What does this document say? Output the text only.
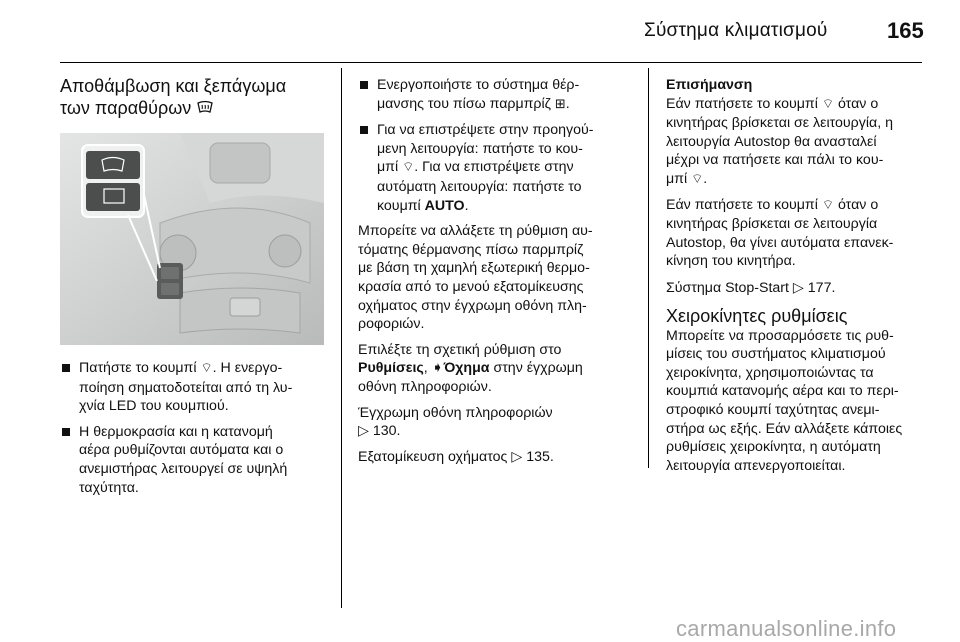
Σύστημα κλιματισμού	165
Αποθάμβωση και ξεπάγωμα
των παραθύρων
Πατήστε το κουμπί ⌔. Η ενεργο-
ποίηση σηματοδοτείται από τη λυ-
χνία LED του κουμπιού.
Η θερμοκρασία και η κατανομή
αέρα ρυθμίζονται αυτόματα και ο
ανεμιστήρας λειτουργεί σε υψηλή
ταχύτητα.
Ενεργοποιήστε το σύστημα θέρ-
μανσης του πίσω παρμπρίζ ⊞.
Για να επιστρέψετε στην προηγού-
μενη λειτουργία: πατήστε το κου-
μπί ⌔. Για να επιστρέψετε στην
αυτόματη λειτουργία: πατήστε το
κουμπί AUTO.

Μπορείτε να αλλάξετε τη ρύθμιση αυ-
τόματης θέρμανσης πίσω παρμπρίζ
με βάση τη χαμηλή εξωτερική θερμο-
κρασία από το μενού εξατομίκευσης
οχήματος στην έγχρωμη οθόνη πλη-
ροφοριών.

Επιλέξτε τη σχετική ρύθμιση στο
Ρυθμίσεις, ➧Όχημα στην έγχρωμη
οθόνη πληροφοριών.

Έγχρωμη οθόνη πληροφοριών
▷ 130.

Εξατομίκευση οχήματος ▷ 135.

Επισήμανση

Εάν πατήσετε το κουμπί ⌔ όταν ο
κινητήρας βρίσκεται σε λειτουργία, η
λειτουργία Autostop θα ανασταλεί
μέχρι να πατήσετε και πάλι το κου-
μπί ⌔.

Εάν πατήσετε το κουμπί ⌔ όταν ο
κινητήρας βρίσκεται σε λειτουργία
Autostop, θα γίνει αυτόματα επανεκ-
κίνηση του κινητήρα.

Σύστημα Stop-Start ▷ 177.

Χειροκίνητες ρυθμίσεις

Μπορείτε να προσαρμόσετε τις ρυθ-
μίσεις του συστήματος κλιματισμού
χειροκίνητα, χρησιμοποιώντας τα
κουμπιά κατανομής αέρα και το περι-
στροφικό κουμπί ταχύτητας ανεμι-
στήρα ως εξής. Εάν αλλάξετε κάποιες
ρυθμίσεις χειροκίνητα, η αυτόματη
λειτουργία απενεργοποιείται.

carmanualsonline.info
